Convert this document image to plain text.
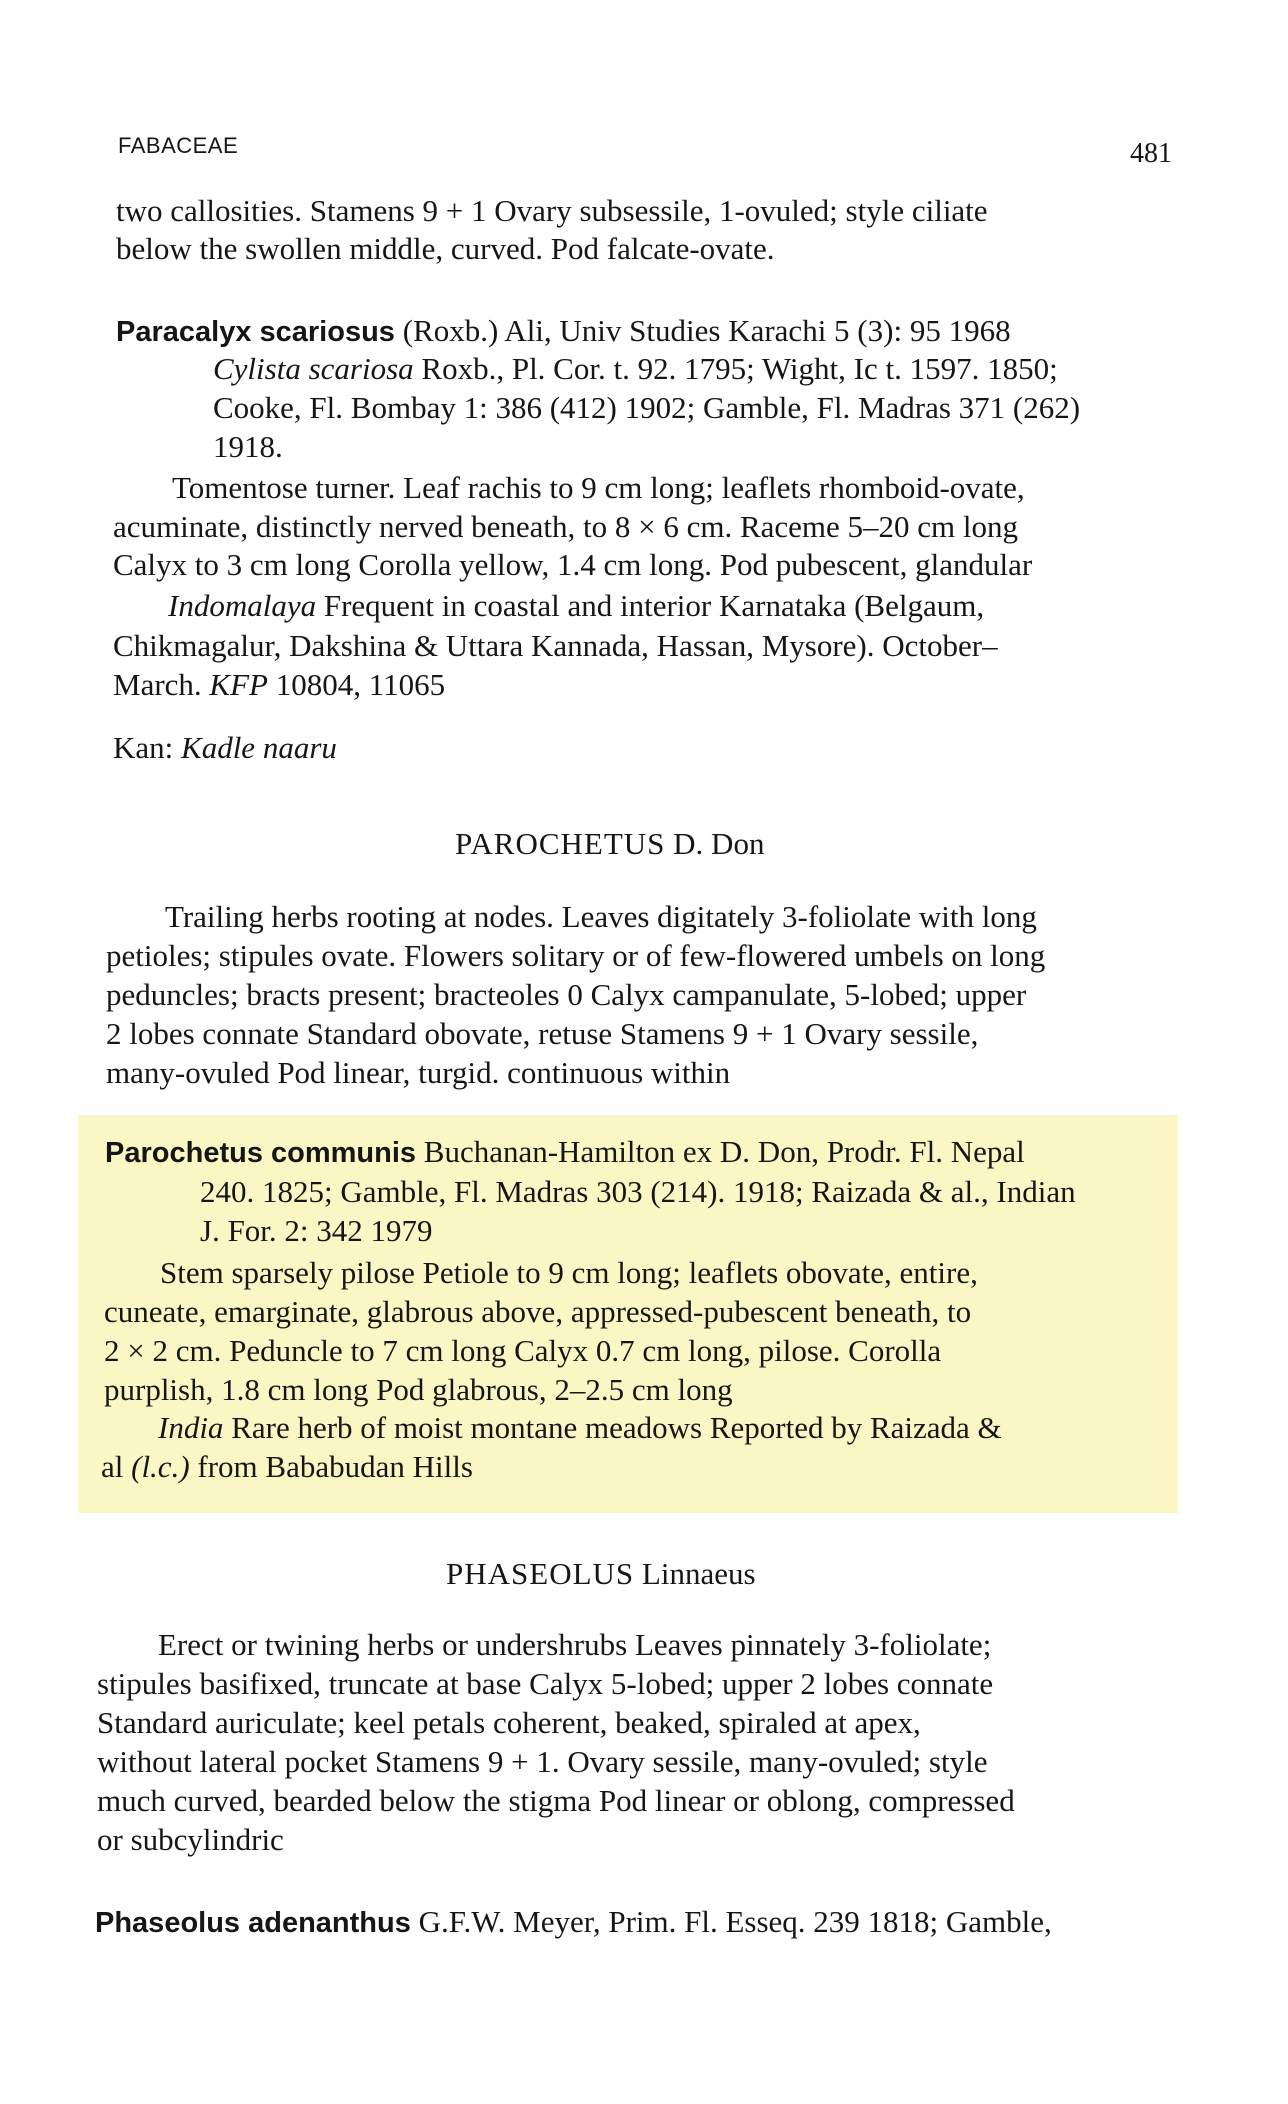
FABACEAE	481
two callosities. Stamens 9 + 1 Ovary subsessile, 1-ovuled; style ciliate
below the swollen middle, curved. Pod falcate-ovate.
Paracalyx scariosus (Roxb.) Ali, Univ Studies Karachi 5 (3): 95 1968
Cylista scariosa Roxb., Pl. Cor. t. 92. 1795; Wight, Ic t. 1597. 1850;
Cooke, Fl. Bombay 1: 386 (412) 1902; Gamble, Fl. Madras 371 (262)
1918.
Tomentose turner. Leaf rachis to 9 cm long; leaflets rhomboid-ovate,
acuminate, distinctly nerved beneath, to 8 × 6 cm. Raceme 5–20 cm long
Calyx to 3 cm long Corolla yellow, 1.4 cm long. Pod pubescent, glandular
Indomalaya Frequent in coastal and interior Karnataka (Belgaum,
Chikmagalur, Dakshina & Uttara Kannada, Hassan, Mysore). October–
March. KFP 10804, 11065
Kan: Kadle naaru
PAROCHETUS D. Don
Trailing herbs rooting at nodes. Leaves digitately 3-foliolate with long
petioles; stipules ovate. Flowers solitary or of few-flowered umbels on long
peduncles; bracts present; bracteoles 0 Calyx campanulate, 5-lobed; upper
2 lobes connate Standard obovate, retuse Stamens 9 + 1 Ovary sessile,
many-ovuled Pod linear, turgid. continuous within
Parochetus communis Buchanan-Hamilton ex D. Don, Prodr. Fl. Nepal
240. 1825; Gamble, Fl. Madras 303 (214). 1918; Raizada & al., Indian
J. For. 2: 342 1979
Stem sparsely pilose Petiole to 9 cm long; leaflets obovate, entire,
cuneate, emarginate, glabrous above, appressed-pubescent beneath, to
2 × 2 cm. Peduncle to 7 cm long Calyx 0.7 cm long, pilose. Corolla
purplish, 1.8 cm long Pod glabrous, 2–2.5 cm long
India Rare herb of moist montane meadows Reported by Raizada &
al (l.c.) from Bababudan Hills
PHASEOLUS Linnaeus
Erect or twining herbs or undershrubs Leaves pinnately 3-foliolate;
stipules basifixed, truncate at base Calyx 5-lobed; upper 2 lobes connate
Standard auriculate; keel petals coherent, beaked, spiraled at apex,
without lateral pocket Stamens 9 + 1. Ovary sessile, many-ovuled; style
much curved, bearded below the stigma Pod linear or oblong, compressed
or subcylindric
Phaseolus adenanthus G.F.W. Meyer, Prim. Fl. Esseq. 239 1818; Gamble,
